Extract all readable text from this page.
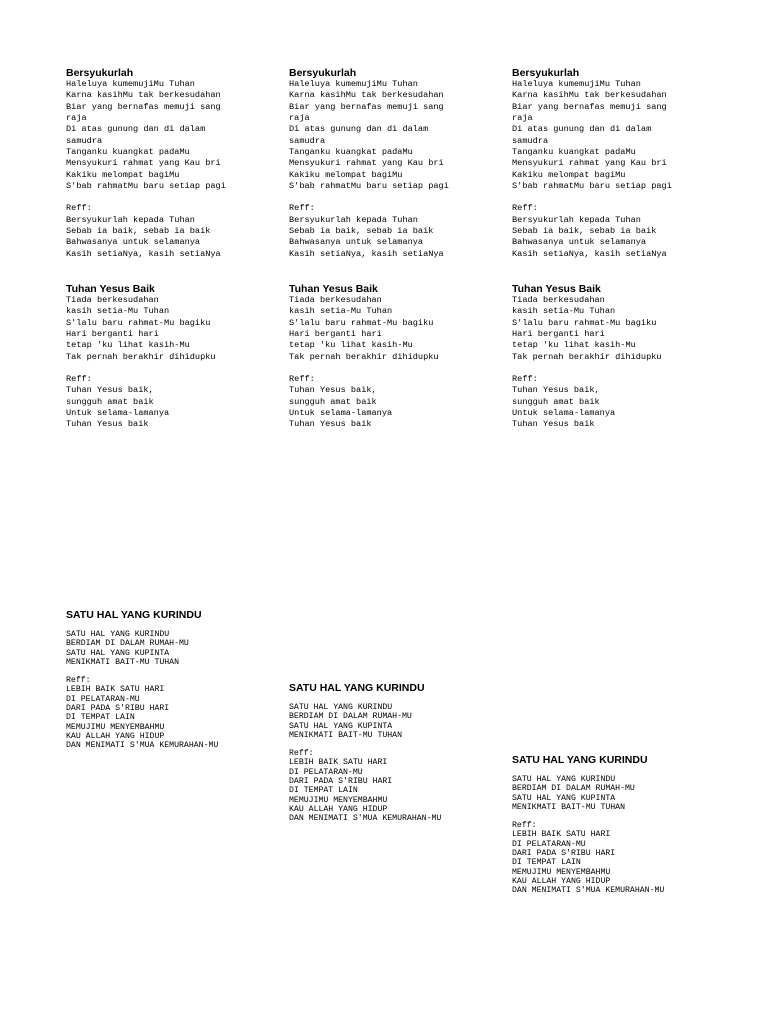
Bersyukurlah

Haleluya kumemujiMu Tuhan
Karna kasihMu tak berkesudahan
Biar yang bernafas memuji sang
raja
Di atas gunung dan di dalam
samudra
Tanganku kuangkat padaMu
Mensyukuri rahmat yang Kau bri
Kakiku melompat bagiMu
S'bab rahmatMu baru setiap pagi
Reff:
Bersyukurlah kepada Tuhan
Sebab ia baik, sebab ia baik
Bahwasanya untuk selamanya
Kasih setiaNya, kasih setiaNya

Tuhan Yesus Baik

Tiada berkesudahan
kasih setia-Mu Tuhan
S'lalu baru rahmat-Mu bagiku
Hari berganti hari
tetap 'ku lihat kasih-Mu
Tak pernah berakhir dihidupku
Reff:
Tuhan Yesus baik,
sungguh amat baik
Untuk selama-lamanya
Tuhan Yesus baik

SATU HAL YANG KURINDU

SATU HAL YANG KURINDU
BERDIAM DI DALAM RUMAH-MU
SATU HAL YANG KUPINTA
MENIKMATI BAIT-MU TUHAN
Reff:
LEBIH BAIK SATU HARI
DI PELATARAN-MU
DARI PADA S'RIBU HARI
DI TEMPAT LAIN
MEMUJIMU MENYEMBAHMU
KAU ALLAH YANG HIDUP
DAN MENIMATI S'MUA KEMURAHAN-MU

Bersyukurlah

Haleluya kumemujiMu Tuhan
Karna kasihMu tak berkesudahan
Biar yang bernafas memuji sang
raja
Di atas gunung dan di dalam
samudra
Tanganku kuangkat padaMu
Mensyukuri rahmat yang Kau bri
Kakiku melompat bagiMu
S'bab rahmatMu baru setiap pagi
Reff:
Bersyukurlah kepada Tuhan
Sebab ia baik, sebab ia baik
Bahwasanya untuk selamanya
Kasih setiaNya, kasih setiaNya

Tuhan Yesus Baik

Tiada berkesudahan
kasih setia-Mu Tuhan
S'lalu baru rahmat-Mu bagiku
Hari berganti hari
tetap 'ku lihat kasih-Mu
Tak pernah berakhir dihidupku
Reff:
Tuhan Yesus baik,
sungguh amat baik
Untuk selama-lamanya
Tuhan Yesus baik

SATU HAL YANG KURINDU

SATU HAL YANG KURINDU
BERDIAM DI DALAM RUMAH-MU
SATU HAL YANG KUPINTA
MENIKMATI BAIT-MU TUHAN
Reff:
LEBIH BAIK SATU HARI
DI PELATARAN-MU
DARI PADA S'RIBU HARI
DI TEMPAT LAIN
MEMUJIMU MENYEMBAHMU
KAU ALLAH YANG HIDUP
DAN MENIMATI S'MUA KEMURAHAN-MU

Bersyukurlah

Haleluya kumemujiMu Tuhan
Karna kasihMu tak berkesudahan
Biar yang bernafas memuji sang
raja
Di atas gunung dan di dalam
samudra
Tanganku kuangkat padaMu
Mensyukuri rahmat yang Kau bri
Kakiku melompat bagiMu
S'bab rahmatMu baru setiap pagi
Reff:
Bersyukurlah kepada Tuhan
Sebab ia baik, sebab ia baik
Bahwasanya untuk selamanya
Kasih setiaNya, kasih setiaNya

Tuhan Yesus Baik

Tiada berkesudahan
kasih setia-Mu Tuhan
S'lalu baru rahmat-Mu bagiku
Hari berganti hari
tetap 'ku lihat kasih-Mu
Tak pernah berakhir dihidupku
Reff:
Tuhan Yesus baik,
sungguh amat baik
Untuk selama-lamanya
Tuhan Yesus baik

SATU HAL YANG KURINDU

SATU HAL YANG KURINDU
BERDIAM DI DALAM RUMAH-MU
SATU HAL YANG KUPINTA
MENIKMATI BAIT-MU TUHAN
Reff:
LEBIH BAIK SATU HARI
DI PELATARAN-MU
DARI PADA S'RIBU HARI
DI TEMPAT LAIN
MEMUJIMU MENYEMBAHMU
KAU ALLAH YANG HIDUP
DAN MENIMATI S'MUA KEMURAHAN-MU
